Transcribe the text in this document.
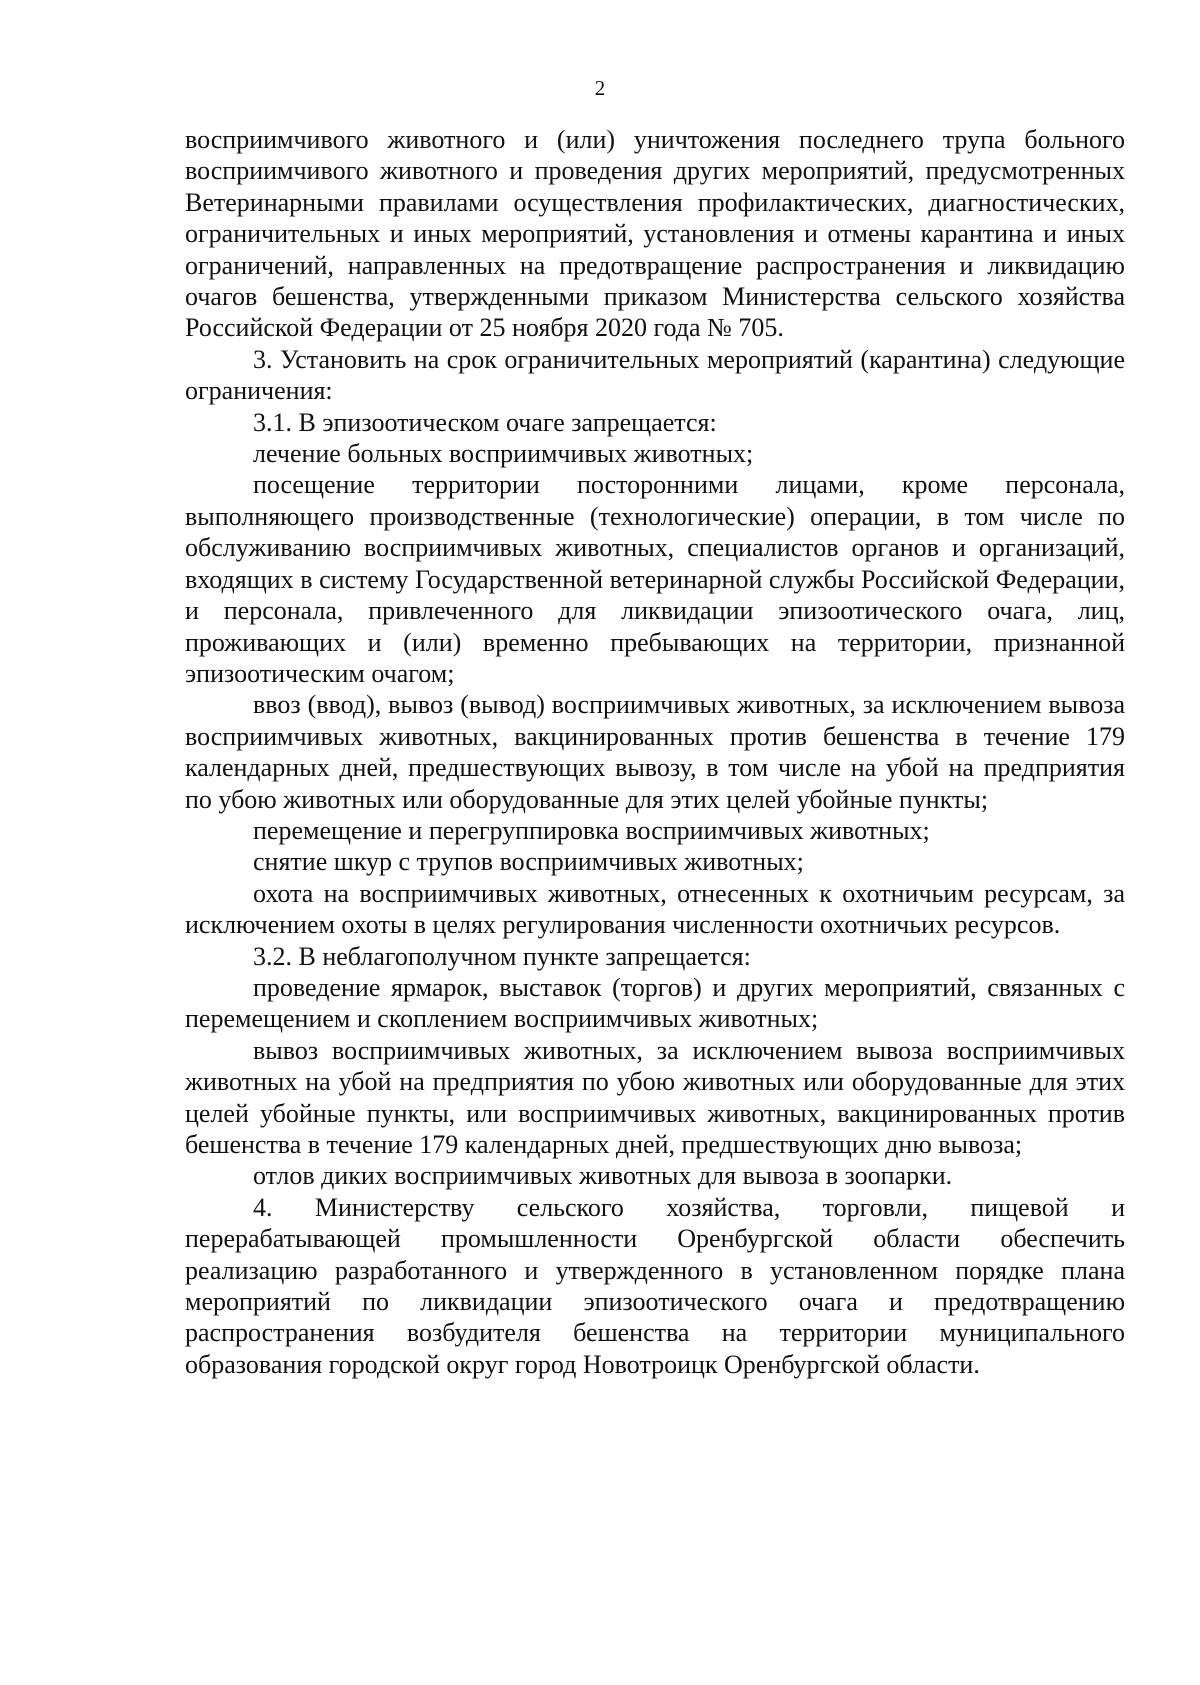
2

восприимчивого животного и (или) уничтожения последнего трупа больного восприимчивого животного и проведения других мероприятий, предусмотренных Ветеринарными правилами осуществления профилактических, диагностических, ограничительных и иных мероприятий, установления и отмены карантина и иных ограничений, направленных на предотвращение распространения и ликвидацию очагов бешенства, утвержденными приказом Министерства сельского хозяйства Российской Федерации от 25 ноября 2020 года № 705.

3. Установить на срок ограничительных мероприятий (карантина) следующие ограничения:

3.1. В эпизоотическом очаге запрещается:

лечение больных восприимчивых животных;

посещение территории посторонними лицами, кроме персонала, выполняющего производственные (технологические) операции, в том числе по обслуживанию восприимчивых животных, специалистов органов и организаций, входящих в систему Государственной ветеринарной службы Российской Федерации, и персонала, привлеченного для ликвидации эпизоотического очага, лиц, проживающих и (или) временно пребывающих на территории, признанной эпизоотическим очагом;

ввоз (ввод), вывоз (вывод) восприимчивых животных, за исключением вывоза восприимчивых животных, вакцинированных против бешенства в течение 179 календарных дней, предшествующих вывозу, в том числе на убой на предприятия по убою животных или оборудованные для этих целей убойные пункты;

перемещение и перегруппировка восприимчивых животных;

снятие шкур с трупов восприимчивых животных;

охота на восприимчивых животных, отнесенных к охотничьим ресурсам, за исключением охоты в целях регулирования численности охотничьих ресурсов.

3.2. В неблагополучном пункте запрещается:

проведение ярмарок, выставок (торгов) и других мероприятий, связанных с перемещением и скоплением восприимчивых животных;

вывоз восприимчивых животных, за исключением вывоза восприимчивых животных на убой на предприятия по убою животных или оборудованные для этих целей убойные пункты, или восприимчивых животных, вакцинированных против бешенства в течение 179 календарных дней, предшествующих дню вывоза;

отлов диких восприимчивых животных для вывоза в зоопарки.

4. Министерству сельского хозяйства, торговли, пищевой и перерабатывающей промышленности Оренбургской области обеспечить реализацию разработанного и утвержденного в установленном порядке плана мероприятий по ликвидации эпизоотического очага и предотвращению распространения возбудителя бешенства на территории муниципального образования городской округ город Новотроицк Оренбургской области.
